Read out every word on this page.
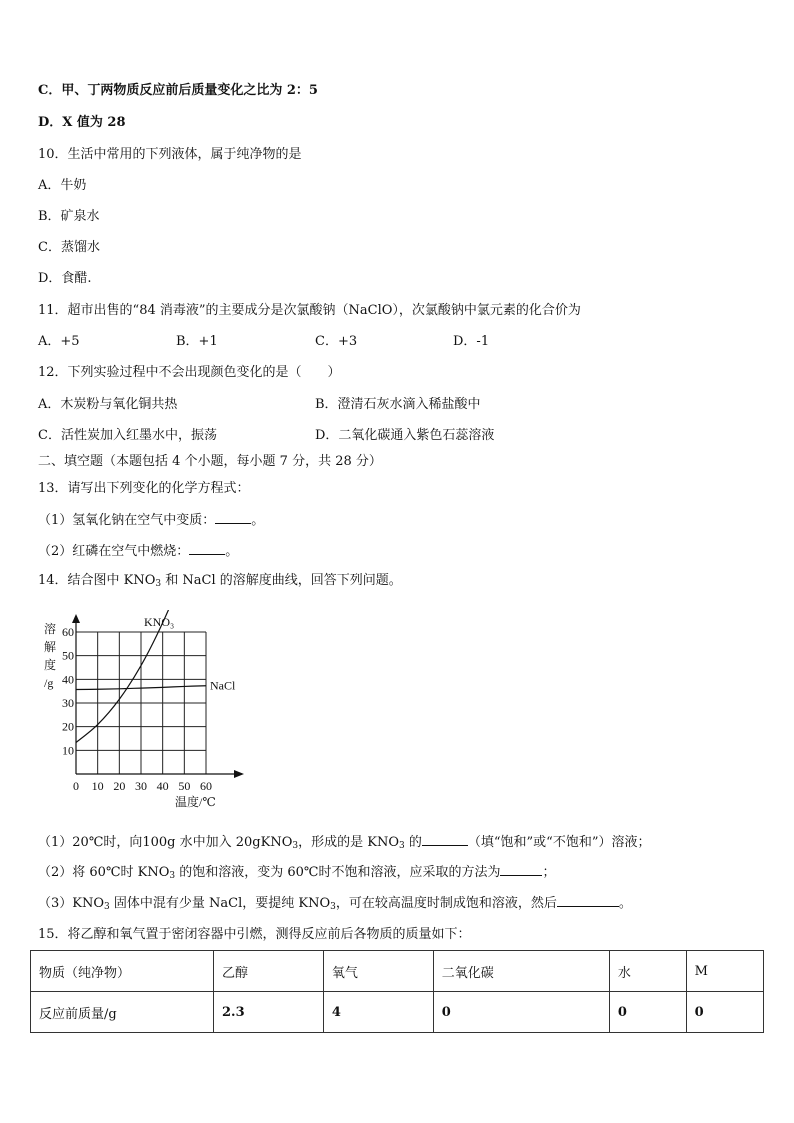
C．甲、丁两物质反应前后质量变化之比为 2：5
D．X 值为 28
10．生活中常用的下列液体，属于纯净物的是
A．牛奶
B．矿泉水
C．蒸馏水
D．食醋.
11．超市出售的“84 消毒液”的主要成分是次氯酸钠（NaClO），次氯酸钠中氯元素的化合价为
A．+5	B．+1	C．+3	D．-1
12．下列实验过程中不会出现颜色变化的是（　　）
A．木炭粉与氧化铜共热	B．澄清石灰水滴入稀盐酸中
C．活性炭加入红墨水中，振荡	D．二氧化碳通入紫色石蕊溶液
二、填空题（本题包括 4 个小题，每小题 7 分，共 28 分）
13．请写出下列变化的化学方程式：
（1）氢氧化钠在空气中变质：	。
（2）红磷在空气中燃烧：	。
14．结合图中 $KNO_3$ 和 NaCl 的溶解度曲线，回答下列问题。
0 10 20 30 40 50 60
10
20
30
40
50
60
溶
解
度
/g
温度/℃
KNO₃
NaCl
（1）20℃时，向100g 水中加入 20gKNO$_3$，形成的是 $KNO_3$ 的	（填“饱和”或“不饱和”）溶液；
（2）将 60℃时 $KNO_3$ 的饱和溶液，变为 60℃时不饱和溶液，应采取的方法为	；
$(3)KNO_3$ 固体中混有少量 NaCl，要提纯 $KNO_3$，可在较高温度时制成饱和溶液，然后	。
15．将乙醇和氧气置于密闭容器中引燃，测得反应前后各物质的质量如下：
物质（纯净物）	乙醇	氧气	二氧化碳	水	M
反应前质量/g	2.3	4	0	0	0
